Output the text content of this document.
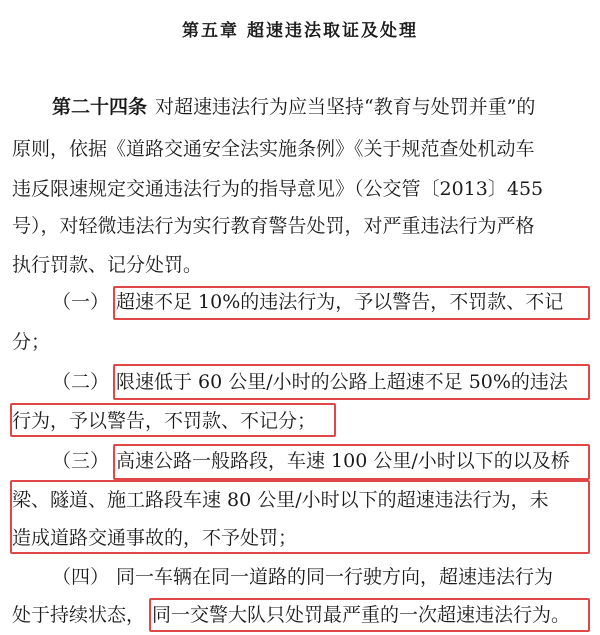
第五章 超速违法取证及处理
第二十四条 对超速违法行为应当坚持“教育与处罚并重”的
原则，依据《道路交通安全法实施条例》《关于规范查处机动车
违反限速规定交通违法行为的指导意见》（公交管〔2013〕455
号），对轻微违法行为实行教育警告处罚，对严重违法行为严格
执行罚款、记分处罚。
（一） 超速不足 10%的违法行为，予以警告，不罚款、不记
分；
（二） 限速低于 60 公里/小时的公路上超速不足 50%的违法
行为，予以警告，不罚款、不记分；
（三） 高速公路一般路段，车速 100 公里/小时以下的以及桥
梁、隧道、施工路段车速 80 公里/小时以下的超速违法行为，未
造成道路交通事故的，不予处罚；
（四） 同一车辆在同一道路的同一行驶方向，超速违法行为
处于持续状态， 同一交警大队只处罚最严重的一次超速违法行为。
